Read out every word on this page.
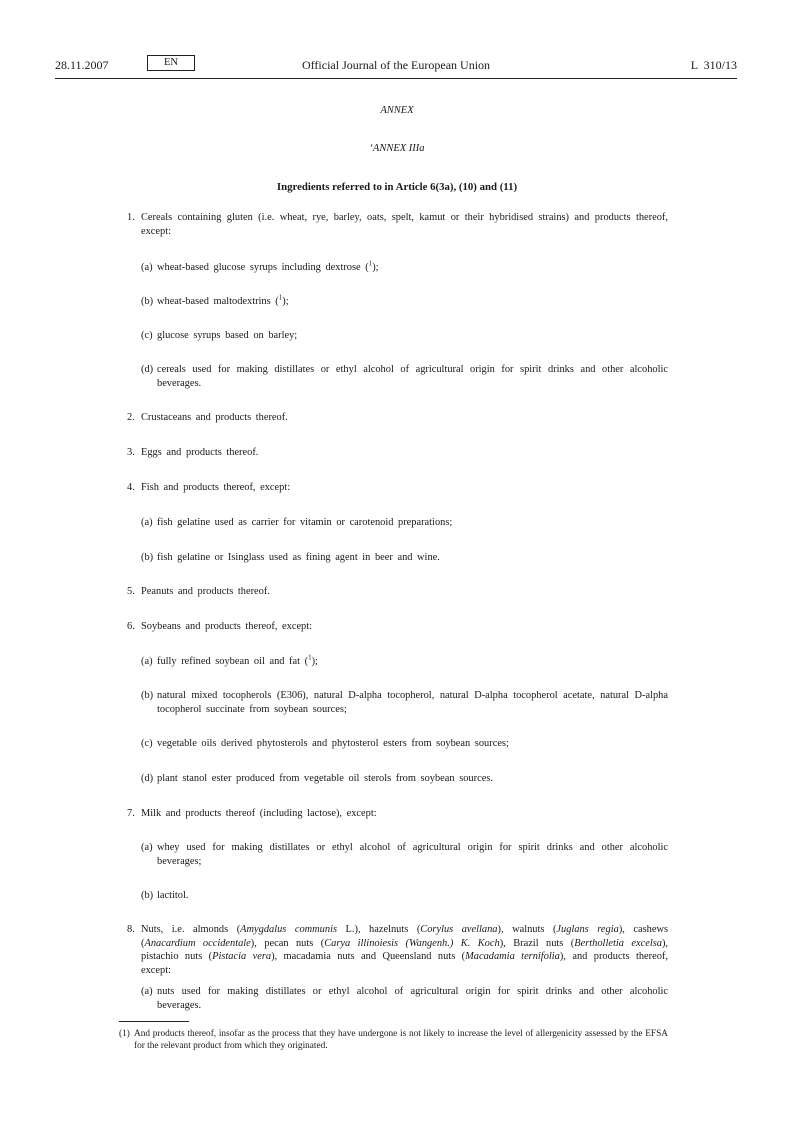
28.11.2007	EN	Official Journal of the European Union	L 310/13
ANNEX
‘ANNEX IIIa
Ingredients referred to in Article 6(3a), (10) and (11)
1. Cereals containing gluten (i.e. wheat, rye, barley, oats, spelt, kamut or their hybridised strains) and products thereof, except:
(a) wheat-based glucose syrups including dextrose ($^1$);
(b) wheat-based maltodextrins ($^1$);
(c) glucose syrups based on barley;
(d) cereals used for making distillates or ethyl alcohol of agricultural origin for spirit drinks and other alcoholic beverages.
2. Crustaceans and products thereof.
3. Eggs and products thereof.
4. Fish and products thereof, except:
(a) fish gelatine used as carrier for vitamin or carotenoid preparations;
(b) fish gelatine or Isinglass used as fining agent in beer and wine.
5. Peanuts and products thereof.
6. Soybeans and products thereof, except:
(a) fully refined soybean oil and fat ($^1$);
(b) natural mixed tocopherols (E306), natural D-alpha tocopherol, natural D-alpha tocopherol acetate, natural D-alpha tocopherol succinate from soybean sources;
(c) vegetable oils derived phytosterols and phytosterol esters from soybean sources;
(d) plant stanol ester produced from vegetable oil sterols from soybean sources.
7. Milk and products thereof (including lactose), except:
(a) whey used for making distillates or ethyl alcohol of agricultural origin for spirit drinks and other alcoholic beverages;
(b) lactitol.
8. Nuts, i.e. almonds (Amygdalus communis L.), hazelnuts (Corylus avellana), walnuts (Juglans regia), cashews (Anacardium occidentale), pecan nuts (Carya illinoiesis (Wangenh.) K. Koch), Brazil nuts (Bertholletia excelsa), pistachio nuts (Pistacia vera), macadamia nuts and Queensland nuts (Macadamia ternifolia), and products thereof, except:
(a) nuts used for making distillates or ethyl alcohol of agricultural origin for spirit drinks and other alcoholic beverages.
(1) And products thereof, insofar as the process that they have undergone is not likely to increase the level of allergenicity assessed by the EFSA for the relevant product from which they originated.
